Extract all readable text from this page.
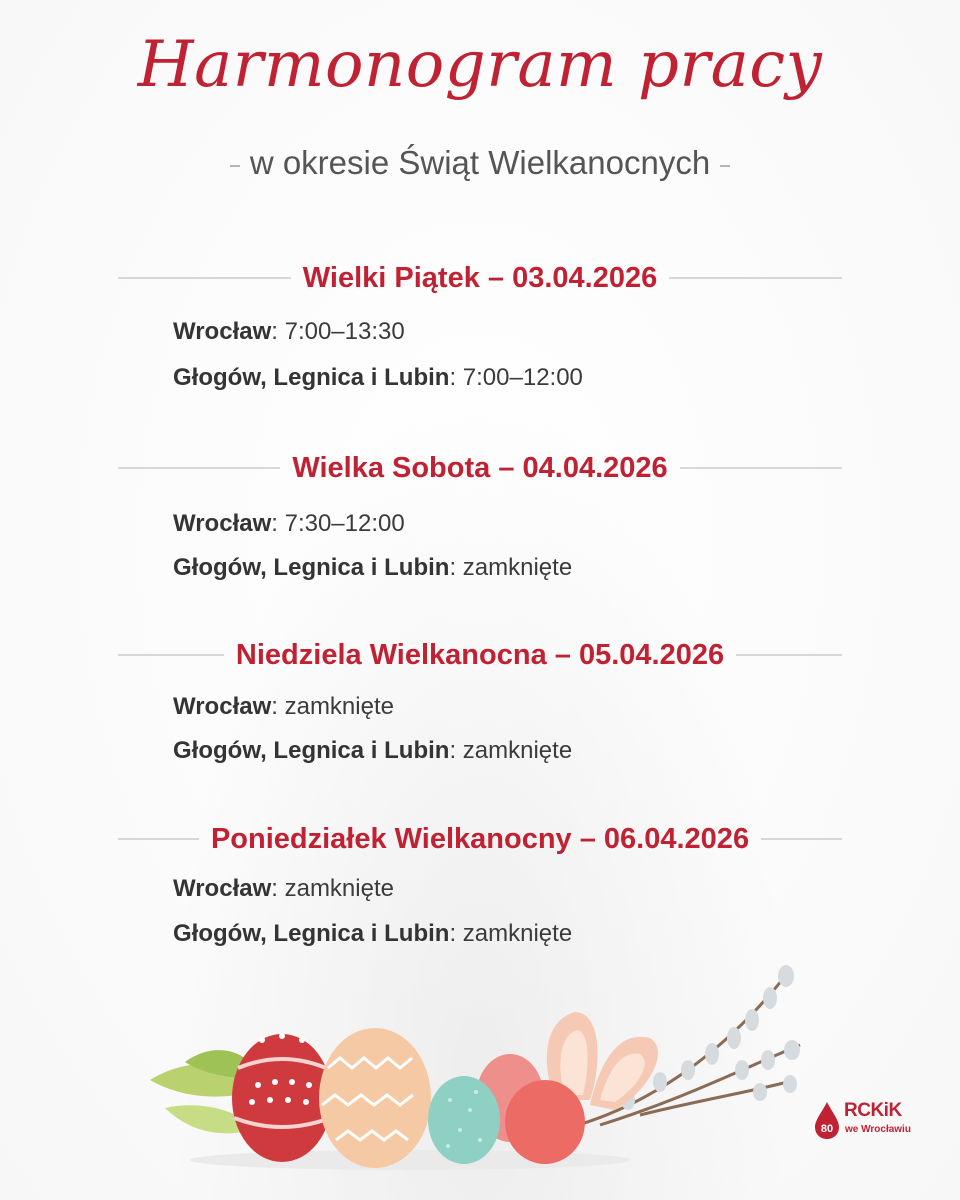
Harmonogram pracy
w okresie Świąt Wielkanocnych
Wielki Piątek – 03.04.2026
Wrocław: 7:00–13:30
Głogów, Legnica i Lubin: 7:00–12:00
Wielka Sobota – 04.04.2026
Wrocław: 7:30–12:00
Głogów, Legnica i Lubin: zamknięte
Niedziela Wielkanocna – 05.04.2026
Wrocław: zamknięte
Głogów, Legnica i Lubin: zamknięte
Poniedziałek Wielkanocny – 06.04.2026
Wrocław: zamknięte
Głogów, Legnica i Lubin: zamknięte
80
RCKiK
we Wrocławiu
